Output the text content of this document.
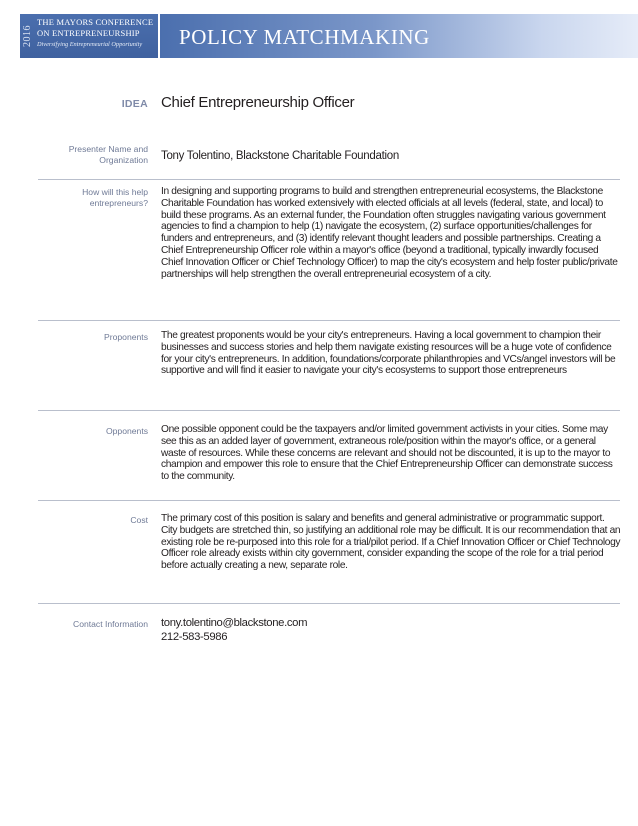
2016
THE MAYORS CONFERENCE
ON ENTREPRENEURSHIP
Diversifying Entrepreneurial Opportunity POLICY MATCHMAKING
IDEA Chief Entrepreneurship Officer
Presenter Name and Organization Tony Tolentino, Blackstone Charitable Foundation
How will this help entrepreneurs?
In designing and supporting programs to build and strengthen entrepreneurial ecosystems, the Blackstone Charitable Foundation has worked extensively with elected officials at all levels (federal, state, and local) to build these programs. As an external funder, the Foundation often struggles navigating various government agencies to find a champion to help (1) navigate the ecosystem, (2) surface opportunities/challenges for funders and entrepreneurs, and (3) identify relevant thought leaders and possible partnerships. Creating a Chief Entrepreneurship Officer role within a mayor's office (beyond a traditional, typically inwardly focused Chief Innovation Officer or Chief Technology Officer) to map the city's ecosystem and help foster public/private partnerships will help strengthen the overall entrepreneurial ecosystem of a city.
Proponents The greatest proponents would be your city's entrepreneurs. Having a local government to champion their businesses and success stories and help them navigate existing resources will be a huge vote of confidence for your city's entrepreneurs. In addition, foundations/corporate philanthropies and VCs/angel investors will be supportive and will find it easier to navigate your city's ecosystems to support those entrepreneurs
Opponents One possible opponent could be the taxpayers and/or limited government activists in your cities. Some may see this as an added layer of government, extraneous role/position within the mayor's office, or a general waste of resources. While these concerns are relevant and should not be discounted, it is up to the mayor to champion and empower this role to ensure that the Chief Entrepreneurship Officer can demonstrate success to the community.
Cost The primary cost of this position is salary and benefits and general administrative or programmatic support. City budgets are stretched thin, so justifying an additional role may be difficult. It is our recommendation that an existing role be re-purposed into this role for a trial/pilot period. If a Chief Innovation Officer or Chief Technology Officer role already exists within city government, consider expanding the scope of the role for a trial period before actually creating a new, separate role.
Contact Information tony.tolentino@blackstone.com
212-583-5986
